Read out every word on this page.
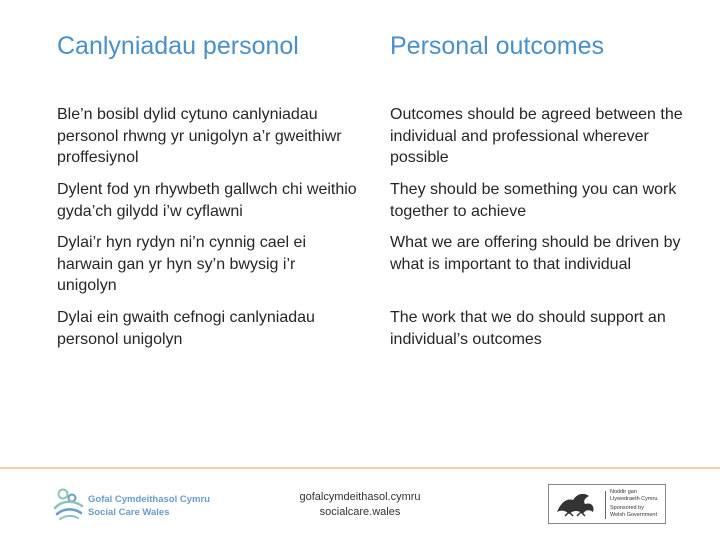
Canlyniadau personol

Ble’n bosibl dylid cytuno canlyniadau personol rhwng yr unigolyn a’r gweithiwr proffesiynol

Dylent fod yn rhywbeth gallwch chi weithio gyda’ch gilydd i’w cyflawni

Dylai’r hyn rydyn ni’n cynnig cael ei harwain gan yr hyn sy’n bwysig i’r unigolyn

Dylai ein gwaith cefnogi canlyniadau personol unigolyn

Personal outcomes

Outcomes should be agreed between the individual and professional wherever possible

They should be something you can work together to achieve

What we are offering should be driven by what is important to that individual

The work that we do should support an individual’s outcomes

Gofal Cymdeithasol Cymru
Social Care Wales
gofalcymdeithasol.cymru
socialcare.wales
Noddir gan
Llywodraeth Cymru
Sponsored by
Welsh Government
